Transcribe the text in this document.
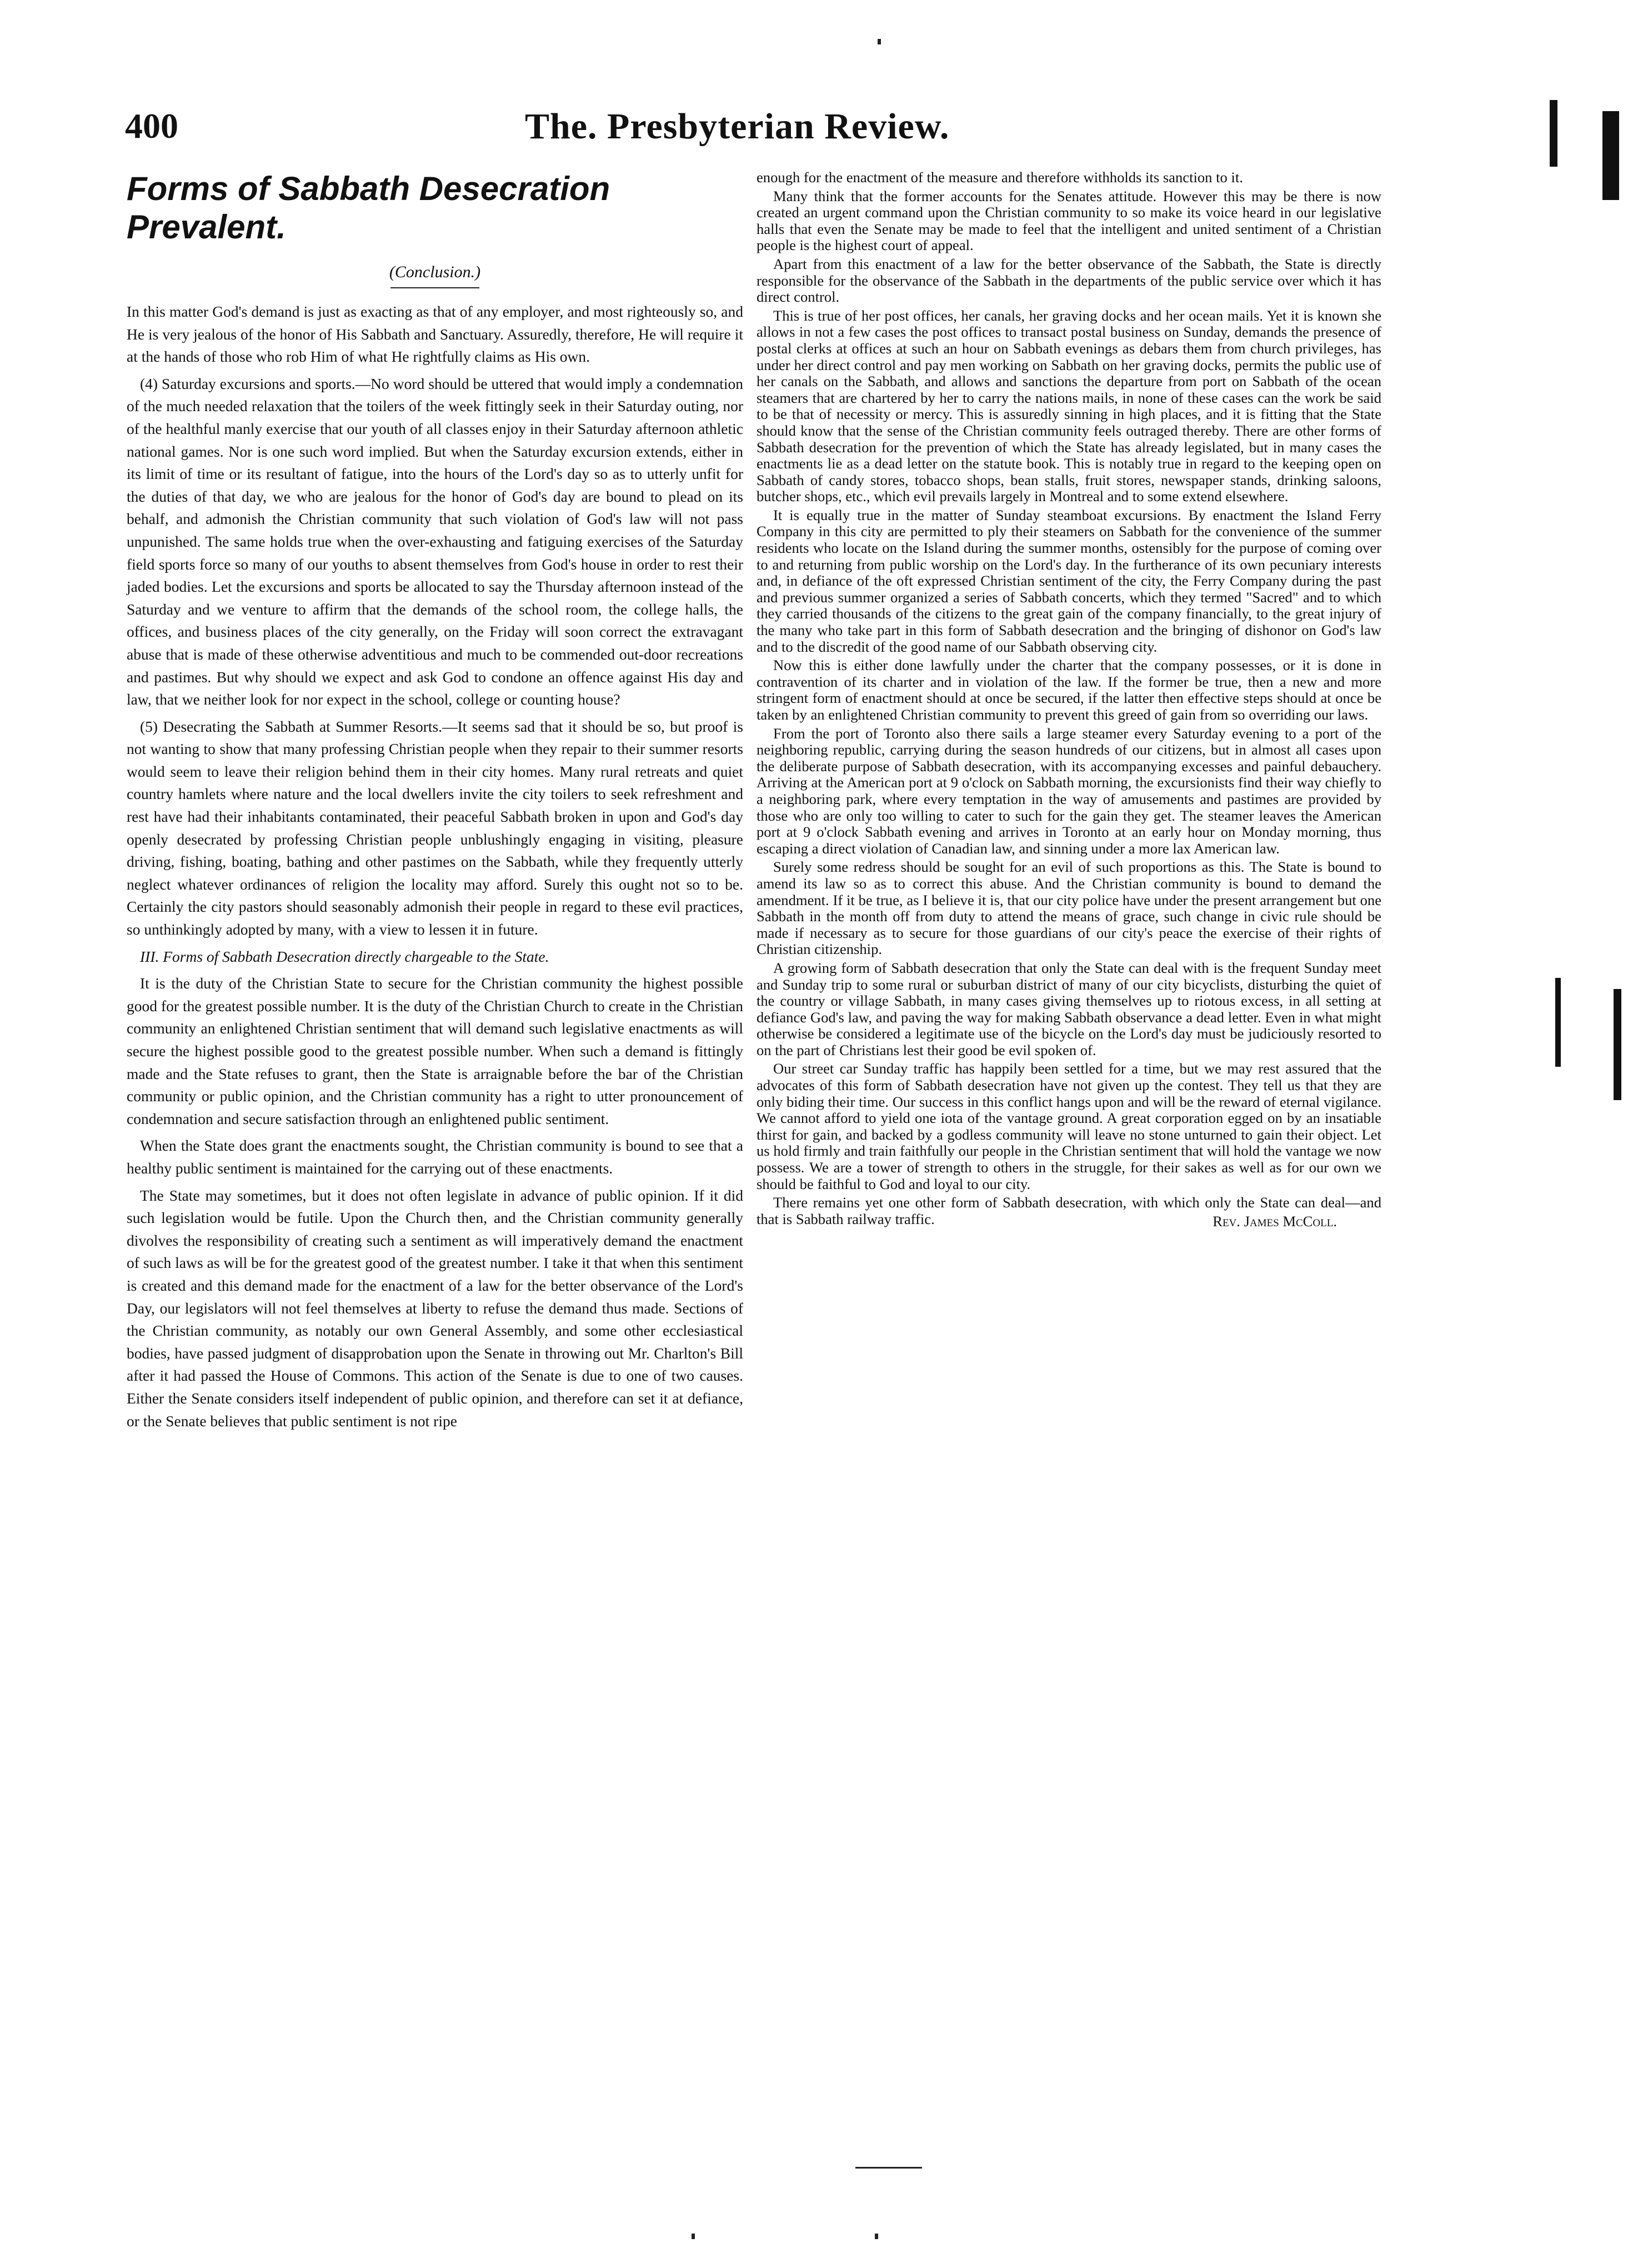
400	The. Presbyterian Review.
Forms of Sabbath Desecration Prevalent.
(Conclusion.)

In this matter God's demand is just as exacting as that of any employer, and most righteously so, and He is very jealous of the honor of His Sabbath and Sanctuary. Assuredly, therefore, He will require it at the hands of those who rob Him of what He rightfully claims as His own.

(4) Saturday excursions and sports.—No word should be uttered that would imply a condemnation of the much needed relaxation that the toilers of the week fittingly seek in their Saturday outing, nor of the healthful manly exercise that our youth of all classes enjoy in their Saturday afternoon athletic national games. Nor is one such word implied. But when the Saturday excursion extends, either in its limit of time or its resultant of fatigue, into the hours of the Lord's day so as to utterly unfit for the duties of that day, we who are jealous for the honor of God's day are bound to plead on its behalf, and admonish the Christian community that such violation of God's law will not pass unpunished. The same holds true when the over-exhausting and fatiguing exercises of the Saturday field sports force so many of our youths to absent themselves from God's house in order to rest their jaded bodies. Let the excursions and sports be allocated to say the Thursday afternoon instead of the Saturday and we venture to affirm that the demands of the school room, the college halls, the offices, and business places of the city generally, on the Friday will soon correct the extravagant abuse that is made of these otherwise adventitious and much to be commended out-door recreations and pastimes. But why should we expect and ask God to condone an offence against His day and law, that we neither look for nor expect in the school, college or counting house?

(5) Desecrating the Sabbath at Summer Resorts.—It seems sad that it should be so, but proof is not wanting to show that many professing Christian people when they repair to their summer resorts would seem to leave their religion behind them in their city homes. Many rural retreats and quiet country hamlets where nature and the local dwellers invite the city toilers to seek refreshment and rest have had their inhabitants contaminated, their peaceful Sabbath broken in upon and God's day openly desecrated by professing Christian people unblushingly engaging in visiting, pleasure driving, fishing, boating, bathing and other pastimes on the Sabbath, while they frequently utterly neglect whatever ordinances of religion the locality may afford. Surely this ought not so to be. Certainly the city pastors should seasonably admonish their people in regard to these evil practices, so unthinkingly adopted by many, with a view to lessen it in future.

III. Forms of Sabbath Desecration directly chargeable to the State.

It is the duty of the Christian State to secure for the Christian community the highest possible good for the greatest possible number. It is the duty of the Christian Church to create in the Christian community an enlightened Christian sentiment that will demand such legislative enactments as will secure the highest possible good to the greatest possible number. When such a demand is fittingly made and the State refuses to grant, then the State is arraignable before the bar of the Christian community or public opinion, and the Christian community has a right to utter pronouncement of condemnation and secure satisfaction through an enlightened public sentiment.

When the State does grant the enactments sought, the Christian community is bound to see that a healthy public sentiment is maintained for the carrying out of these enactments.

The State may sometimes, but it does not often legislate in advance of public opinion. If it did such legislation would be futile. Upon the Church then, and the Christian community generally divolves the responsibility of creating such a sentiment as will imperatively demand the enactment of such laws as will be for the greatest good of the greatest number. I take it that when this sentiment is created and this demand made for the enactment of a law for the better observance of the Lord's Day, our legislators will not feel themselves at liberty to refuse the demand thus made. Sections of the Christian community, as notably our own General Assembly, and some other ecclesiastical bodies, have passed judgment of disapprobation upon the Senate in throwing out Mr. Charlton's Bill after it had passed the House of Commons. This action of the Senate is due to one of two causes. Either the Senate considers itself independent of public opinion, and therefore can set it at defiance, or the Senate believes that public sentiment is not ripe

enough for the enactment of the measure and therefore withholds its sanction to it.

Many think that the former accounts for the Senates attitude. However this may be there is now created an urgent command upon the Christian community to so make its voice heard in our legislative halls that even the Senate may be made to feel that the intelligent and united sentiment of a Christian people is the highest court of appeal.

Apart from this enactment of a law for the better observance of the Sabbath, the State is directly responsible for the observance of the Sabbath in the departments of the public service over which it has direct control.

This is true of her post offices, her canals, her graving docks and her ocean mails. Yet it is known she allows in not a few cases the post offices to transact postal business on Sunday, demands the presence of postal clerks at offices at such an hour on Sabbath evenings as debars them from church privileges, has under her direct control and pay men working on Sabbath on her graving docks, permits the public use of her canals on the Sabbath, and allows and sanctions the departure from port on Sabbath of the ocean steamers that are chartered by her to carry the nations mails, in none of these cases can the work be said to be that of necessity or mercy. This is assuredly sinning in high places, and it is fitting that the State should know that the sense of the Christian community feels outraged thereby. There are other forms of Sabbath desecration for the prevention of which the State has already legislated, but in many cases the enactments lie as a dead letter on the statute book. This is notably true in regard to the keeping open on Sabbath of candy stores, tobacco shops, bean stalls, fruit stores, newspaper stands, drinking saloons, butcher shops, etc., which evil prevails largely in Montreal and to some extend elsewhere.

It is equally true in the matter of Sunday steamboat excursions. By enactment the Island Ferry Company in this city are permitted to ply their steamers on Sabbath for the convenience of the summer residents who locate on the Island during the summer months, ostensibly for the purpose of coming over to and returning from public worship on the Lord's day. In the furtherance of its own pecuniary interests and, in defiance of the oft expressed Christian sentiment of the city, the Ferry Company during the past and previous summer organized a series of Sabbath concerts, which they termed "Sacred" and to which they carried thousands of the citizens to the great gain of the company financially, to the great injury of the many who take part in this form of Sabbath desecration and the bringing of dishonor on God's law and to the discredit of the good name of our Sabbath observing city.

Now this is either done lawfully under the charter that the company possesses, or it is done in contravention of its charter and in violation of the law. If the former be true, then a new and more stringent form of enactment should at once be secured, if the latter then effective steps should at once be taken by an enlightened Christian community to prevent this greed of gain from so overriding our laws.

From the port of Toronto also there sails a large steamer every Saturday evening to a port of the neighboring republic, carrying during the season hundreds of our citizens, but in almost all cases upon the deliberate purpose of Sabbath desecration, with its accompanying excesses and painful debauchery. Arriving at the American port at 9 o'clock on Sabbath morning, the excursionists find their way chiefly to a neighboring park, where every temptation in the way of amusements and pastimes are provided by those who are only too willing to cater to such for the gain they get. The steamer leaves the American port at 9 o'clock Sabbath evening and arrives in Toronto at an early hour on Monday morning, thus escaping a direct violation of Canadian law, and sinning under a more lax American law.

Surely some redress should be sought for an evil of such proportions as this. The State is bound to amend its law so as to correct this abuse. And the Christian community is bound to demand the amendment. If it be true, as I believe it is, that our city police have under the present arrangement but one Sabbath in the month off from duty to attend the means of grace, such change in civic rule should be made if necessary as to secure for those guardians of our city's peace the exercise of their rights of Christian citizenship.

A growing form of Sabbath desecration that only the State can deal with is the frequent Sunday meet and Sunday trip to some rural or suburban district of many of our city bicyclists, disturbing the quiet of the country or village Sabbath, in many cases giving themselves up to riotous excess, in all setting at defiance God's law, and paving the way for making Sabbath observance a dead letter. Even in what might otherwise be considered a legitimate use of the bicycle on the Lord's day must be judiciously resorted to on the part of Christians lest their good be evil spoken of.

Our street car Sunday traffic has happily been settled for a time, but we may rest assured that the advocates of this form of Sabbath desecration have not given up the contest. They tell us that they are only biding their time. Our success in this conflict hangs upon and will be the reward of eternal vigilance. We cannot afford to yield one iota of the vantage ground. A great corporation egged on by an insatiable thirst for gain, and backed by a godless community will leave no stone unturned to gain their object. Let us hold firmly and train faithfully our people in the Christian sentiment that will hold the vantage we now possess. We are a tower of strength to others in the struggle, for their sakes as well as for our own we should be faithful to God and loyal to our city.

There remains yet one other form of Sabbath desecration, with which only the State can deal—and that is Sabbath railway traffic.	Rev. James McColl.
